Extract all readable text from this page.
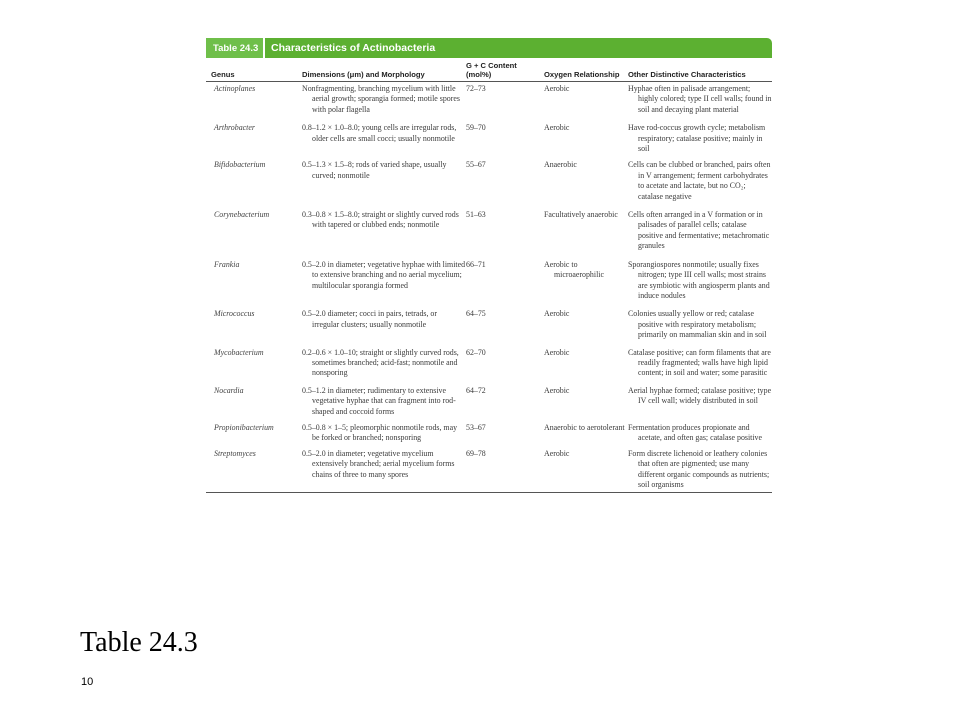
Table 24.3	Characteristics of Actinobacteria
Genus	Dimensions (μm) and Morphology	G + C Content (mol%)	Oxygen Relationship	Other Distinctive Characteristics
Actinoplanes	Nonfragmenting, branching mycelium with little aerial growth; sporangia formed; motile spores with polar flagella	72–73	Aerobic	Hyphae often in palisade arrangement; highly colored; type II cell walls; found in soil and decaying plant material

Arthrobacter	0.8–1.2 × 1.0–8.0; young cells are irregular rods, older cells are small cocci; usually nonmotile	59–70	Aerobic	Have rod-coccus growth cycle; metabolism respiratory; catalase positive; mainly in soil

Bifidobacterium	0.5–1.3 × 1.5–8; rods of varied shape, usually curved; nonmotile	55–67	Anaerobic	Cells can be clubbed or branched, pairs often in V arrangement; ferment carbohydrates to acetate and lactate, but no CO₂; catalase negative

Corynebacterium	0.3–0.8 × 1.5–8.0; straight or slightly curved rods with tapered or clubbed ends; nonmotile	51–63	Facultatively anaerobic	Cells often arranged in a V formation or in palisades of parallel cells; catalase positive and fermentative; metachromatic granules

Frankia	0.5–2.0 in diameter; vegetative hyphae with limited to extensive branching and no aerial mycelium; multilocular sporangia formed	66–71	Aerobic to microaerophilic	Sporangiospores nonmotile; usually fixes nitrogen; type III cell walls; most strains are symbiotic with angiosperm plants and induce nodules

Micrococcus	0.5–2.0 diameter; cocci in pairs, tetrads, or irregular clusters; usually nonmotile	64–75	Aerobic	Colonies usually yellow or red; catalase positive with respiratory metabolism; primarily on mammalian skin and in soil

Mycobacterium	0.2–0.6 × 1.0–10; straight or slightly curved rods, sometimes branched; acid-fast; nonmotile and nonsporing	62–70	Aerobic	Catalase positive; can form filaments that are readily fragmented; walls have high lipid content; in soil and water; some parasitic

Nocardia	0.5–1.2 in diameter; rudimentary to extensive vegetative hyphae that can fragment into rod-shaped and coccoid forms	64–72	Aerobic	Aerial hyphae formed; catalase positive; type IV cell wall; widely distributed in soil

Propionibacterium	0.5–0.8 × 1–5; pleomorphic nonmotile rods, may be forked or branched; nonsporing	53–67	Anaerobic to aerotolerant	Fermentation produces propionate and acetate, and often gas; catalase positive

Streptomyces	0.5–2.0 in diameter; vegetative mycelium extensively branched; aerial mycelium forms chains of three to many spores	69–78	Aerobic	Form discrete lichenoid or leathery colonies that often are pigmented; use many different organic compounds as nutrients; soil organisms
Table 24.3
10
